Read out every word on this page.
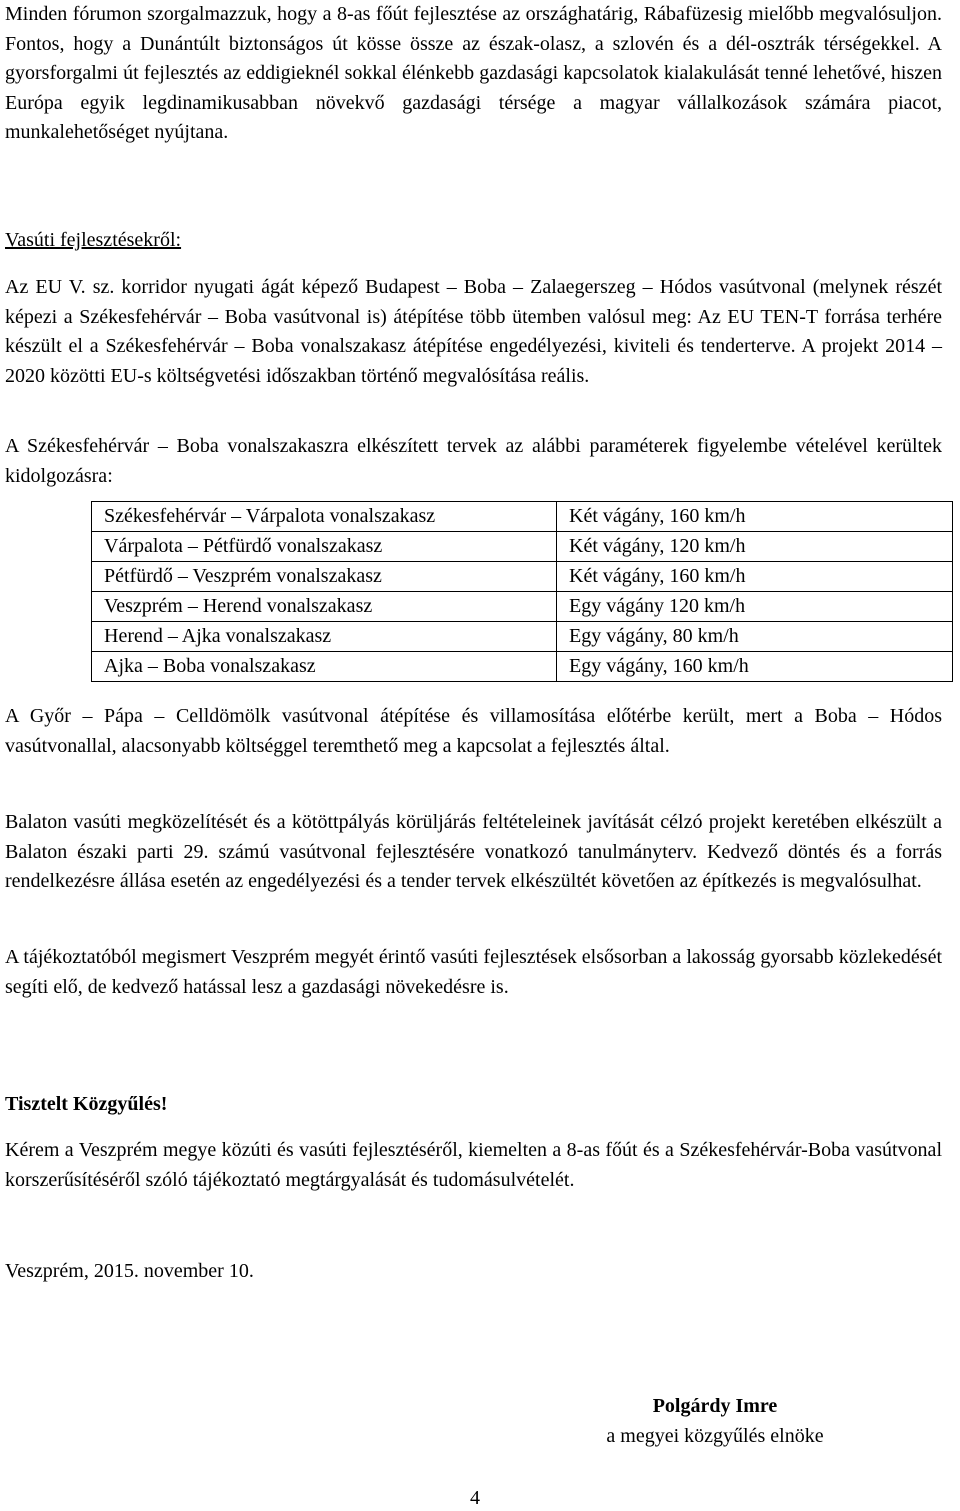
Minden fórumon szorgalmazzuk, hogy a 8-as főút fejlesztése az országhatárig, Rábafüzesig mielőbb megvalósuljon. Fontos, hogy a Dunántúlt biztonságos út kösse össze az észak-olasz, a szlovén és a dél-osztrák térségekkel. A gyorsforgalmi út fejlesztés az eddigieknél sokkal élénkebb gazdasági kapcsolatok kialakulását tenné lehetővé, hiszen Európa egyik legdinamikusabban növekvő gazdasági térsége a magyar vállalkozások számára piacot, munkalehetőséget nyújtana.

Vasúti fejlesztésekről:

Az EU V. sz. korridor nyugati ágát képező Budapest – Boba – Zalaegerszeg – Hódos vasútvonal (melynek részét képezi a Székesfehérvár – Boba vasútvonal is) átépítése több ütemben valósul meg: Az EU TEN-T forrása terhére készült el a Székesfehérvár – Boba vonalszakasz átépítése engedélyezési, kiviteli és tenderterve. A projekt 2014 – 2020 közötti EU-s költségvetési időszakban történő megvalósítása reális.

A Székesfehérvár – Boba vonalszakaszra elkészített tervek az alábbi paraméterek figyelembe vételével kerültek kidolgozásra:

Székesfehérvár – Várpalota vonalszakasz	Két vágány, 160 km/h
Várpalota – Pétfürdő vonalszakasz	Két vágány, 120 km/h
Pétfürdő – Veszprém vonalszakasz	Két vágány, 160 km/h
Veszprém – Herend vonalszakasz	Egy vágány 120 km/h
Herend – Ajka vonalszakasz	Egy vágány, 80 km/h
Ajka – Boba vonalszakasz	Egy vágány, 160 km/h

A Győr – Pápa – Celldömölk vasútvonal átépítése és villamosítása előtérbe került, mert a Boba – Hódos vasútvonallal, alacsonyabb költséggel teremthető meg a kapcsolat a fejlesztés által.

Balaton vasúti megközelítését és a kötöttpályás körüljárás feltételeinek javítását célzó projekt keretében elkészült a Balaton északi parti 29. számú vasútvonal fejlesztésére vonatkozó tanulmányterv. Kedvező döntés és a forrás rendelkezésre állása esetén az engedélyezési és a tender tervek elkészültét követően az építkezés is megvalósulhat.

A tájékoztatóból megismert Veszprém megyét érintő vasúti fejlesztések elsősorban a lakosság gyorsabb közlekedését segíti elő, de kedvező hatással lesz a gazdasági növekedésre is.

Tisztelt Közgyűlés!

Kérem a Veszprém megye közúti és vasúti fejlesztéséről, kiemelten a 8-as főút és a Székesfehérvár-Boba vasútvonal korszerűsítéséről szóló tájékoztató megtárgyalását és tudomásulvételét.

Veszprém, 2015. november 10.

Polgárdy Imre
a megyei közgyűlés elnöke
4
